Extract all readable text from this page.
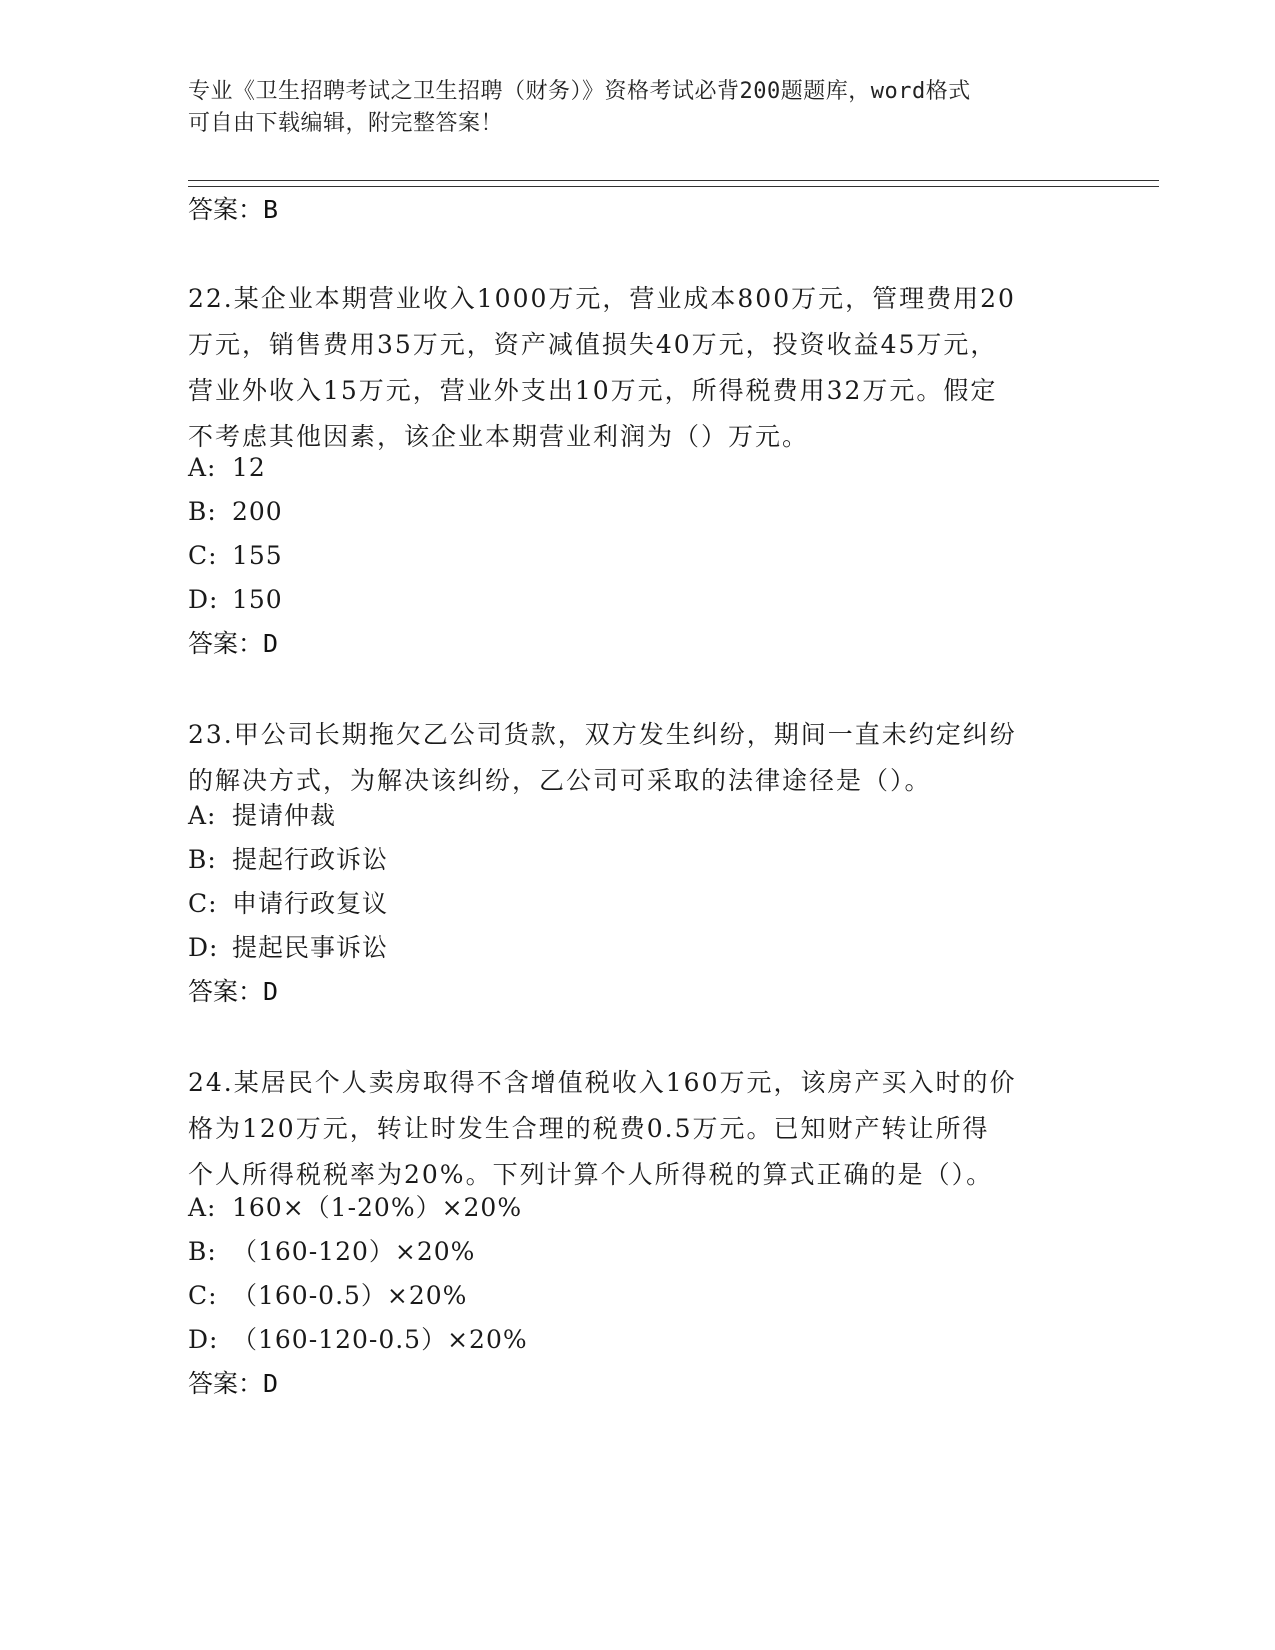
专业《卫生招聘考试之卫生招聘（财务）》资格考试必背200题题库，word格式
可自由下载编辑，附完整答案！
答案：B
22.某企业本期营业收入1000万元，营业成本800万元，管理费用20
万元，销售费用35万元，资产减值损失40万元，投资收益45万元，
营业外收入15万元，营业外支出10万元，所得税费用32万元。假定
不考虑其他因素，该企业本期营业利润为（）万元。
A: 12
B: 200
C: 155
D: 150
答案：D
23.甲公司长期拖欠乙公司货款，双方发生纠纷，期间一直未约定纠纷
的解决方式，为解决该纠纷，乙公司可采取的法律途径是（）。
A: 提请仲裁
B: 提起行政诉讼
C: 申请行政复议
D: 提起民事诉讼
答案：D
24.某居民个人卖房取得不含增值税收入160万元，该房产买入时的价
格为120万元，转让时发生合理的税费0.5万元。已知财产转让所得
个人所得税税率为20%。下列计算个人所得税的算式正确的是（）。
A: 160×（1-20%）×20%
B: （160-120）×20%
C: （160-0.5）×20%
D: （160-120-0.5）×20%
答案：D
